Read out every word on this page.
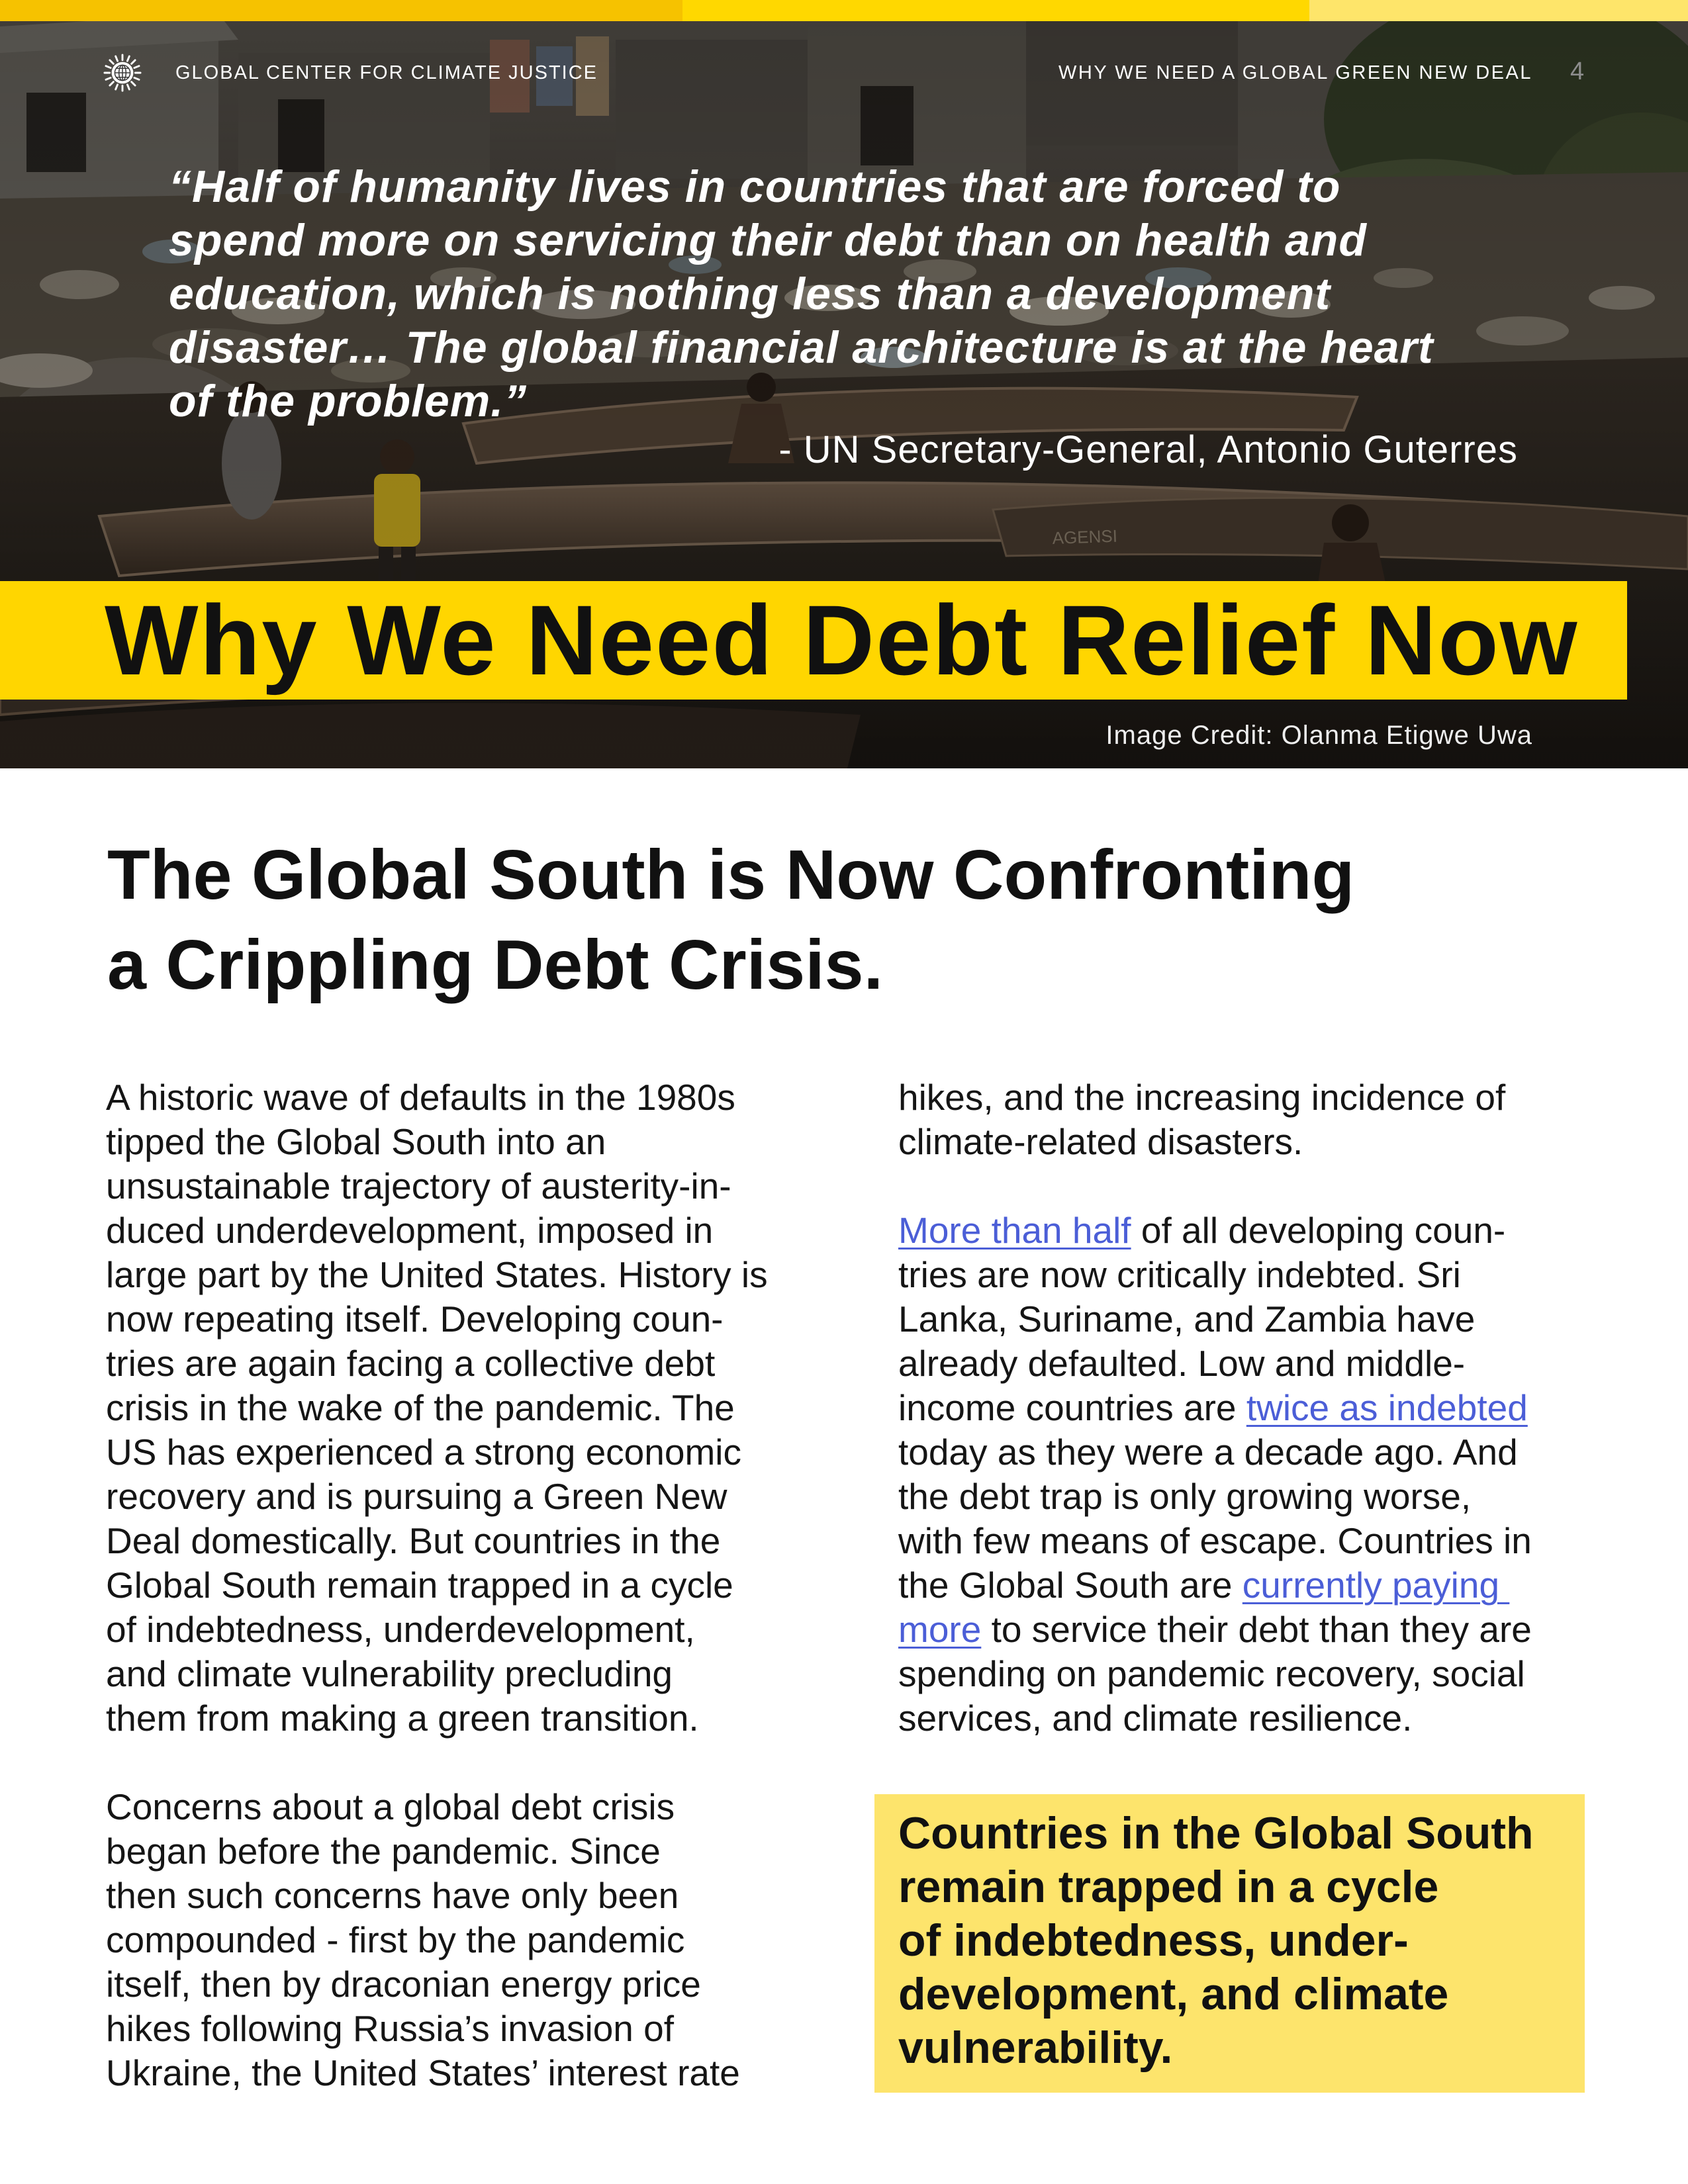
GLOBAL CENTER FOR CLIMATE JUSTICE	WHY WE NEED A GLOBAL GREEN NEW DEAL 4
“Half of humanity lives in countries that are forced to
spend more on servicing their debt than on health and
education, which is nothing less than a development
disaster… The global financial architecture is at the heart
of the problem.”
- UN Secretary-General, Antonio Guterres
Why We Need Debt Relief Now
Image Credit: Olanma Etigwe Uwa
The Global South is Now Confronting
a Crippling Debt Crisis.

A historic wave of defaults in the 1980s
tipped the Global South into an
unsustainable trajectory of austerity-in-
duced underdevelopment, imposed in
large part by the United States. History is
now repeating itself. Developing coun-
tries are again facing a collective debt
crisis in the wake of the pandemic. The
US has experienced a strong economic
recovery and is pursuing a Green New
Deal domestically. But countries in the
Global South remain trapped in a cycle
of indebtedness, underdevelopment,
and climate vulnerability precluding
them from making a green transition.

Concerns about a global debt crisis
began before the pandemic. Since
then such concerns have only been
compounded - first by the pandemic
itself, then by draconian energy price
hikes following Russia’s invasion of
Ukraine, the United States’ interest rate

hikes, and the increasing incidence of
climate-related disasters.

More than half of all developing coun-
tries are now critically indebted. Sri
Lanka, Suriname, and Zambia have
already defaulted. Low and middle-
income countries are twice as indebted
today as they were a decade ago. And
the debt trap is only growing worse,
with few means of escape. Countries in
the Global South are currently paying
more to service their debt than they are
spending on pandemic recovery, social
services, and climate resilience.

Countries in the Global South
remain trapped in a cycle
of indebtedness, under-
development, and climate
vulnerability.
